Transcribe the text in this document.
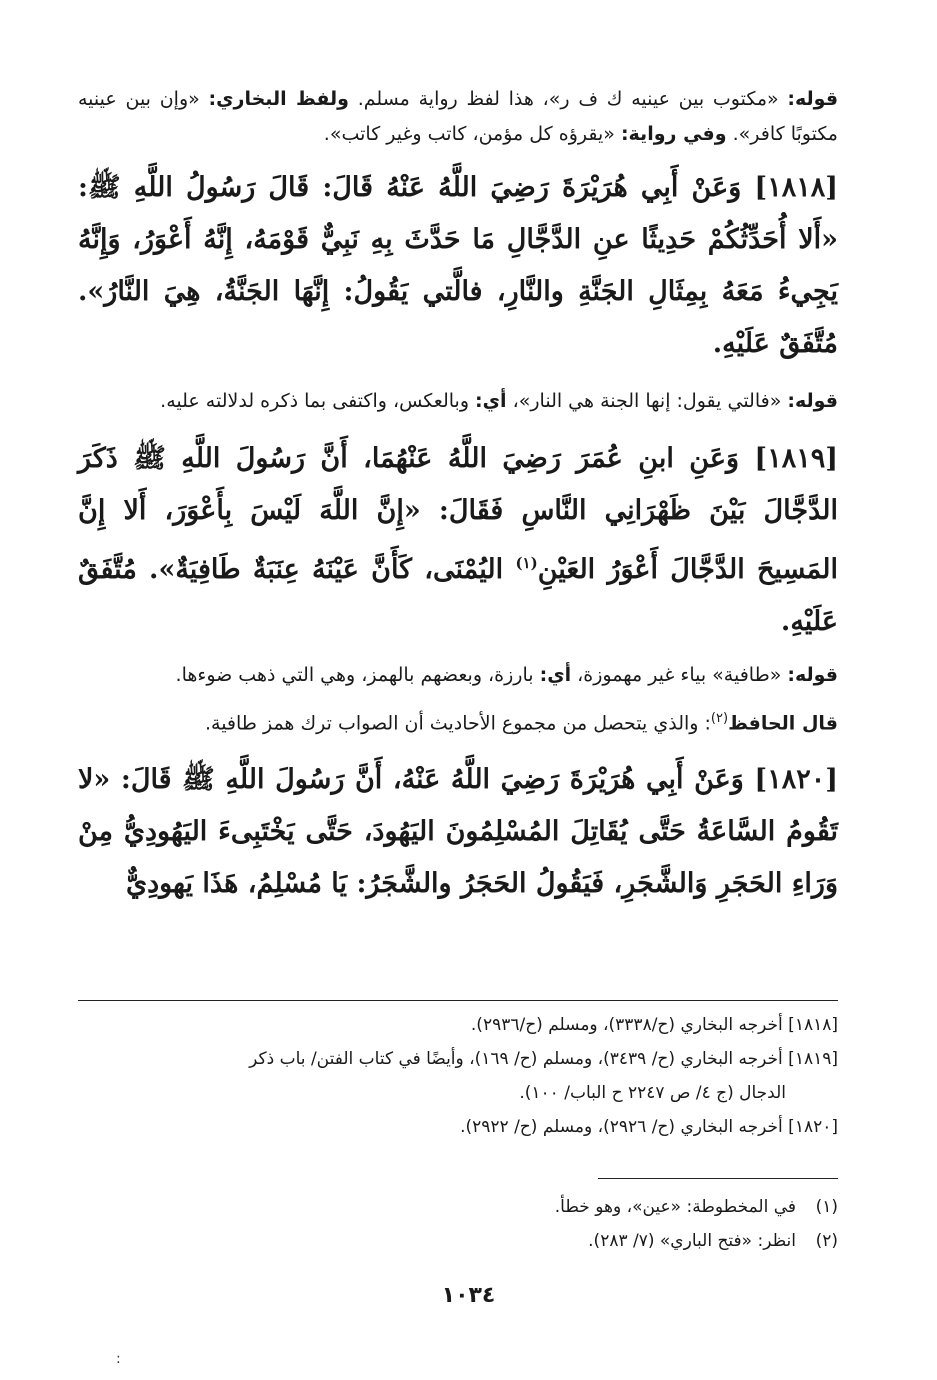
قوله: «مكتوب بين عينيه ك ف ر»، هذا لفظ رواية مسلم. ولفظ البخاري: «وإن بين عينيه مكتوبًا كافر». وفي رواية: «يقرؤه كل مؤمن، كاتب وغير كاتب».

[١٨١٨] وَعَنْ أَبِي هُرَيْرَةَ رَضِيَ اللَّهُ عَنْهُ قَالَ: قَالَ رَسُولُ اللَّهِ ﷺ: «أَلا أُحَدِّثُكُمْ حَدِيثًا عنِ الدَّجَّالِ مَا حَدَّثَ بِهِ نَبِيٌّ قَوْمَهُ، إِنَّهُ أَعْوَرُ، وَإِنَّهُ يَجِيءُ مَعَهُ بِمِثَالِ الجَنَّةِ والنَّارِ، فالَّتي يَقُولُ: إِنَّهَا الجَنَّةُ، هِيَ النَّارُ». مُتَّفَقٌ عَلَيْهِ.

قوله: «فالتي يقول: إنها الجنة هي النار»، أي: وبالعكس، واكتفى بما ذكره لدلالته عليه.

[١٨١٩] وَعَنِ ابنِ عُمَرَ رَضِيَ اللَّهُ عَنْهُمَا، أَنَّ رَسُولَ اللَّهِ ﷺ ذَكَرَ الدَّجَّالَ بَيْنَ ظَهْرَانِي النَّاسِ فَقَالَ: «إِنَّ اللَّهَ لَيْسَ بِأَعْوَرَ، أَلا إِنَّ المَسِيحَ الدَّجَّالَ أَعْوَرُ العَيْنِ$^{(١)}$ اليُمْنَى، كَأَنَّ عَيْنَهُ عِنَبَةٌ طَافِيَةٌ». مُتَّفَقٌ عَلَيْهِ.

قوله: «طافية» بياء غير مهموزة، أي: بارزة، وبعضهم بالهمز، وهي التي ذهب ضوءها.

قال الحافظ$^{(٢)}$: والذي يتحصل من مجموع الأحاديث أن الصواب ترك همز طافية.

[١٨٢٠] وَعَنْ أَبِي هُرَيْرَةَ رَضِيَ اللَّهُ عَنْهُ، أَنَّ رَسُولَ اللَّهِ ﷺ قَالَ: «لا تَقُومُ السَّاعَةُ حَتَّى يُقَاتِلَ المُسْلِمُونَ اليَهُودَ، حَتَّى يَخْتَبِىءَ اليَهُودِيُّ مِنْ وَرَاءِ الحَجَرِ وَالشَّجَرِ، فَيَقُولُ الحَجَرُ والشَّجَرُ: يَا مُسْلِمُ، هَذَا يَهودِيٌّ

[١٨١٨] أخرجه البخاري (ح/٣٣٣٨)، ومسلم (ح/٢٩٣٦).
[١٨١٩] أخرجه البخاري (ح/ ٣٤٣٩)، ومسلم (ح/ ١٦٩)، وأيضًا في كتاب الفتن/ باب ذكر
الدجال (ج ٤/ ص ٢٢٤٧ ح الباب/ ١٠٠).
[١٨٢٠] أخرجه البخاري (ح/ ٢٩٢٦)، ومسلم (ح/ ٢٩٢٢).
(١)في المخطوطة: «عين»، وهو خطأ.
(٢)انظر: «فتح الباري» (٧/ ٢٨٣).
١٠٣٤
:
